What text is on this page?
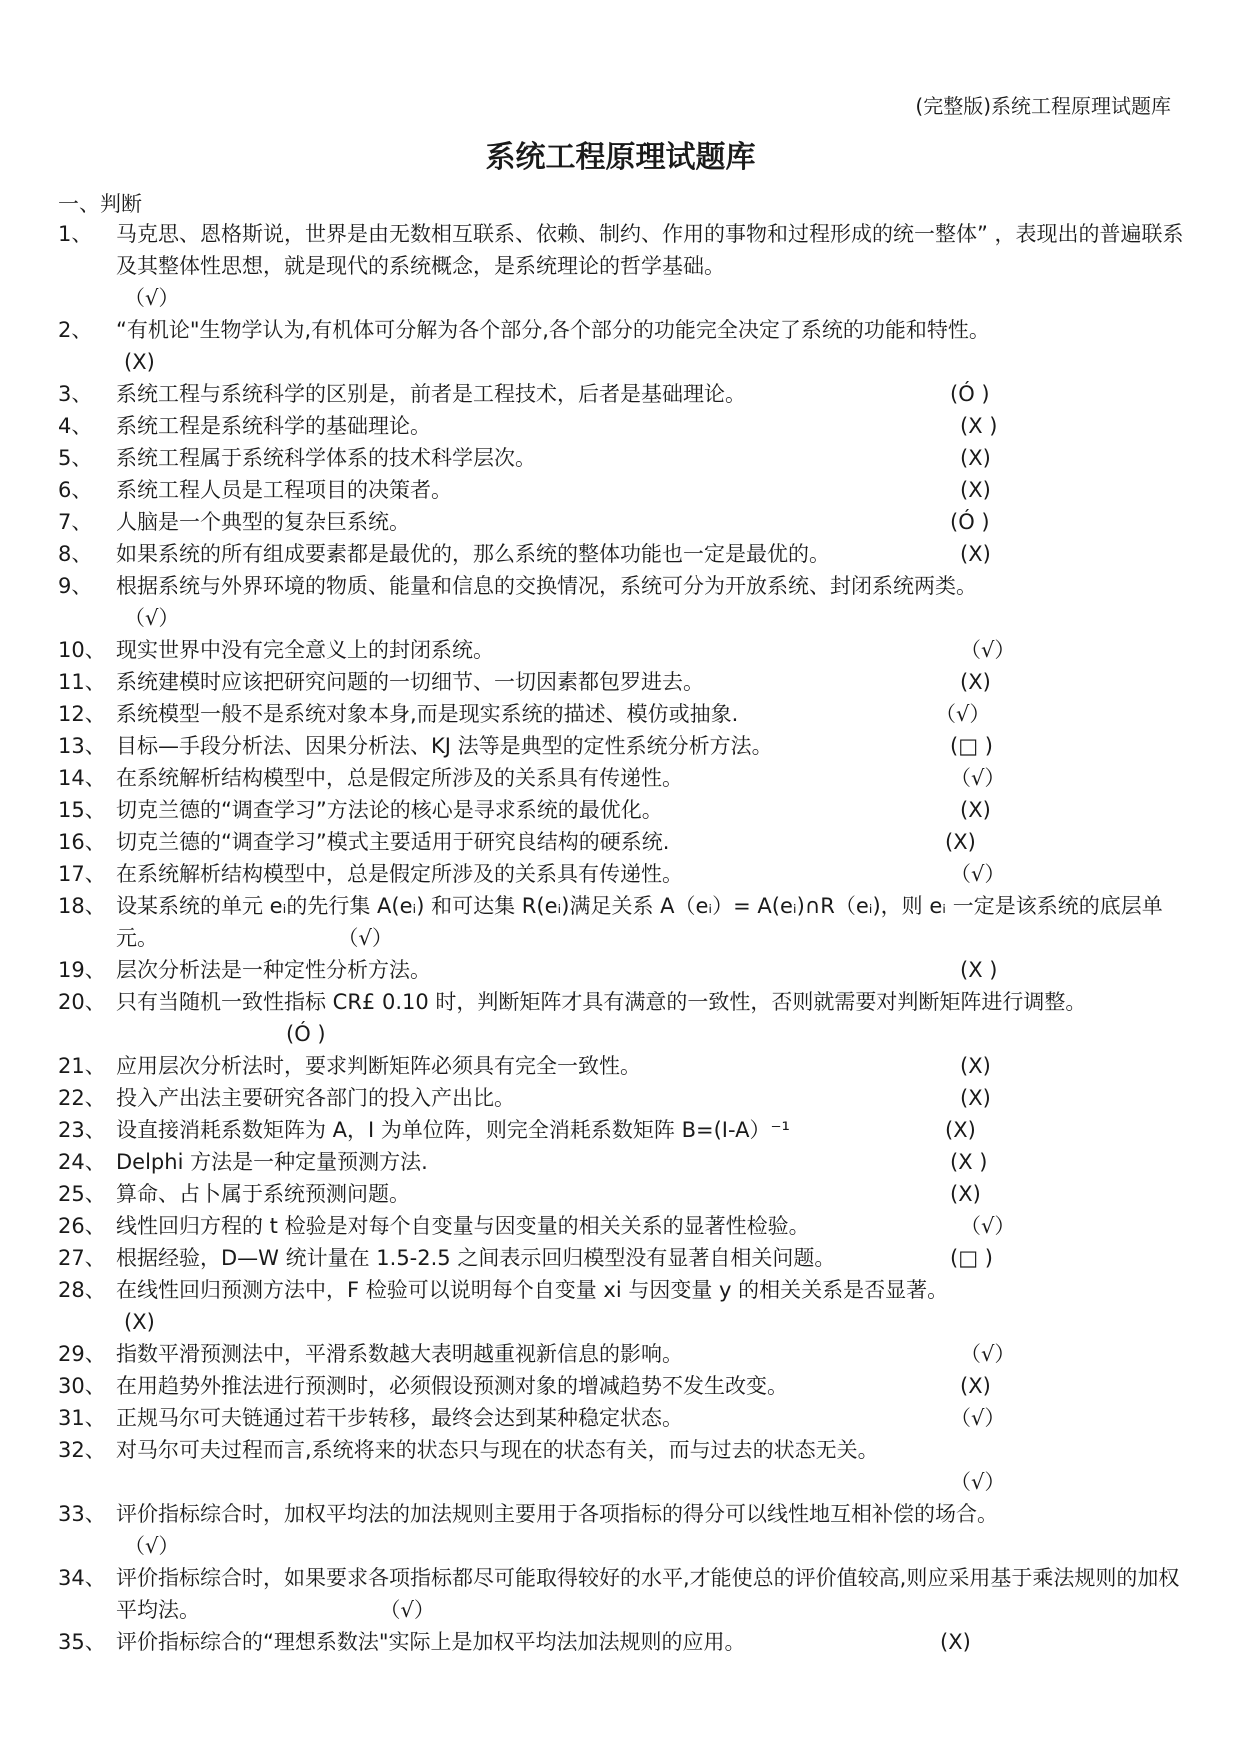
(完整版)系统工程原理试题库
系统工程原理试题库
一、判断
1、 马克思、恩格斯说，世界是由无数相互联系、依赖、制约、作用的事物和过程形成的统一整体” ，表现出的普遍联系及其整体性思想，就是现代的系统概念，是系统理论的哲学基础。
（√）
2、 “有机论"生物学认为,有机体可分解为各个部分,各个部分的功能完全决定了系统的功能和特性。
(X)
3、 系统工程与系统科学的区别是，前者是工程技术，后者是基础理论。	(Ó )
4、 系统工程是系统科学的基础理论。	(X )
5、 系统工程属于系统科学体系的技术科学层次。	(X)
6、 系统工程人员是工程项目的决策者。	(X)
7、 人脑是一个典型的复杂巨系统。	(Ó )
8、 如果系统的所有组成要素都是最优的，那么系统的整体功能也一定是最优的。	(X)
9、 根据系统与外界环境的物质、能量和信息的交换情况，系统可分为开放系统、封闭系统两类。
（√）
10、 现实世界中没有完全意义上的封闭系统。	（√）
11、 系统建模时应该把研究问题的一切细节、一切因素都包罗进去。	(X)
12、 系统模型一般不是系统对象本身,而是现实系统的描述、模仿或抽象.	（√）
13、 目标—手段分析法、因果分析法、KJ 法等是典型的定性系统分析方法。	(□ )
14、 在系统解析结构模型中，总是假定所涉及的关系具有传递性。	（√）
15、 切克兰德的“调查学习”方法论的核心是寻求系统的最优化。	(X)
16、 切克兰德的“调查学习”模式主要适用于研究良结构的硬系统.	(X)
17、 在系统解析结构模型中，总是假定所涉及的关系具有传递性。	（√）
18、 设某系统的单元 eᵢ的先行集 A(eᵢ) 和可达集 R(eᵢ)满足关系 A（eᵢ）= A(eᵢ)∩R（eᵢ)，则 eᵢ 一定是该系统的底层单元。	（√）
19、 层次分析法是一种定性分析方法。	(X )
20、 只有当随机一致性指标 CR£ 0.10 时，判断矩阵才具有满意的一致性，否则就需要对判断矩阵进行调整。(Ó )
21、 应用层次分析法时，要求判断矩阵必须具有完全一致性。	(X)
22、 投入产出法主要研究各部门的投入产出比。	(X)
23、 设直接消耗系数矩阵为 A，I 为单位阵，则完全消耗系数矩阵 B=(I-A）⁻¹	(X)
24、 Delphi 方法是一种定量预测方法.	(X )
25、 算命、占卜属于系统预测问题。	(X)
26、 线性回归方程的 t 检验是对每个自变量与因变量的相关关系的显著性检验。	（√）
27、 根据经验，D—W 统计量在 1.5-2.5 之间表示回归模型没有显著自相关问题。	(□ )
28、 在线性回归预测方法中，F 检验可以说明每个自变量 xi 与因变量 y 的相关关系是否显著。
(X)
29、 指数平滑预测法中，平滑系数越大表明越重视新信息的影响。	（√）
30、 在用趋势外推法进行预测时，必须假设预测对象的增减趋势不发生改变。	(X)
31、 正规马尔可夫链通过若干步转移，最终会达到某种稳定状态。	（√）
32、 对马尔可夫过程而言,系统将来的状态只与现在的状态有关，而与过去的状态无关。
（√）
33、 评价指标综合时，加权平均法的加法规则主要用于各项指标的得分可以线性地互相补偿的场合。
（√）
34、 评价指标综合时，如果要求各项指标都尽可能取得较好的水平,才能使总的评价值较高,则应采用基于乘法规则的加权平均法。	（√）
35、 评价指标综合的“理想系数法"实际上是加权平均法加法规则的应用。	(X)
